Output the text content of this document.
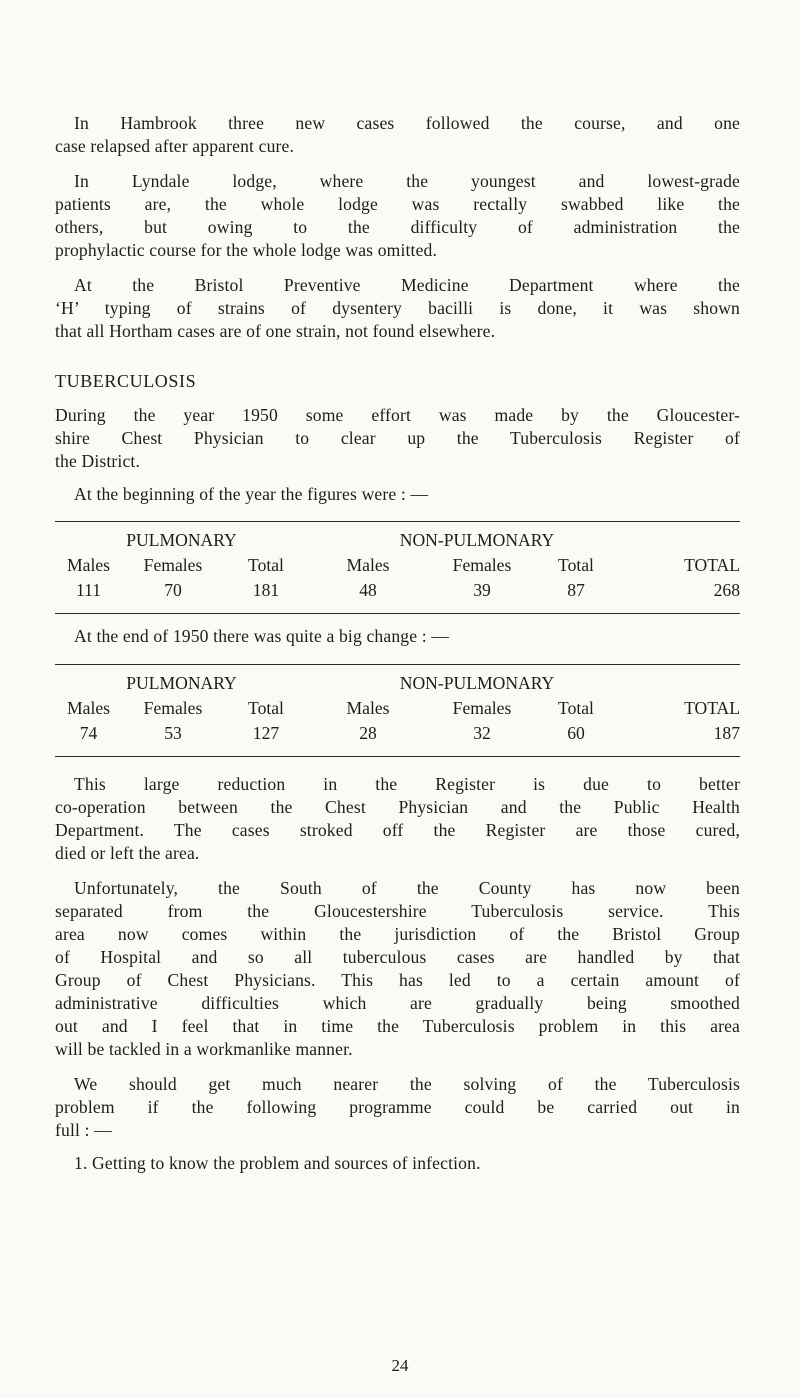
In Hambrook three new cases followed the course, and one
case relapsed after apparent cure.

In Lyndale lodge, where the youngest and lowest-grade
patients are, the whole lodge was rectally swabbed like the
others, but owing to the difficulty of administration the
prophylactic course for the whole lodge was omitted.

At the Bristol Preventive Medicine Department where the
‘H’ typing of strains of dysentery bacilli is done, it was shown
that all Hortham cases are of one strain, not found elsewhere.

TUBERCULOSIS

During the year 1950 some effort was made by the Gloucester-
shire Chest Physician to clear up the Tuberculosis Register of
the District.

At the beginning of the year the figures were : —

PULMONARY			NON-PULMONARY			
Males	Females	Total	Males	Females	Total	TOTAL
111	70	181	48	39	87	268

At the end of 1950 there was quite a big change : —

PULMONARY			NON-PULMONARY			
Males	Females	Total	Males	Females	Total	TOTAL
74	53	127	28	32	60	187

This large reduction in the Register is due to better
co-operation between the Chest Physician and the Public Health
Department. The cases stroked off the Register are those cured,
died or left the area.

Unfortunately, the South of the County has now been
separated from the Gloucestershire Tuberculosis service. This
area now comes within the jurisdiction of the Bristol Group
of Hospital and so all tuberculous cases are handled by that
Group of Chest Physicians. This has led to a certain amount of
administrative difficulties which are gradually being smoothed
out and I feel that in time the Tuberculosis problem in this area
will be tackled in a workmanlike manner.

We should get much nearer the solving of the Tuberculosis
problem if the following programme could be carried out in
full : —

1. Getting to know the problem and sources of infection.

24
